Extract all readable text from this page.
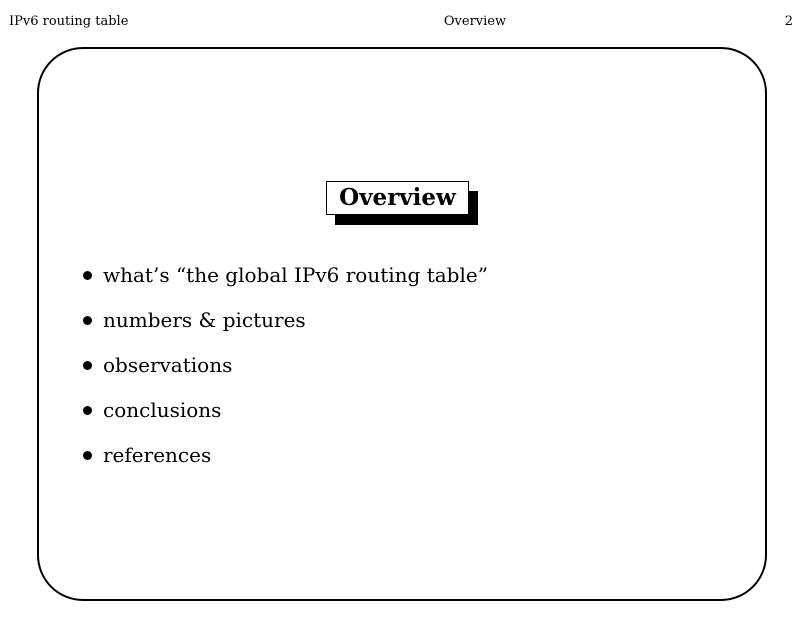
IPv6 routing table	Overview	2
Overview
what’s “the global IPv6 routing table”
numbers & pictures
observations
conclusions
references
